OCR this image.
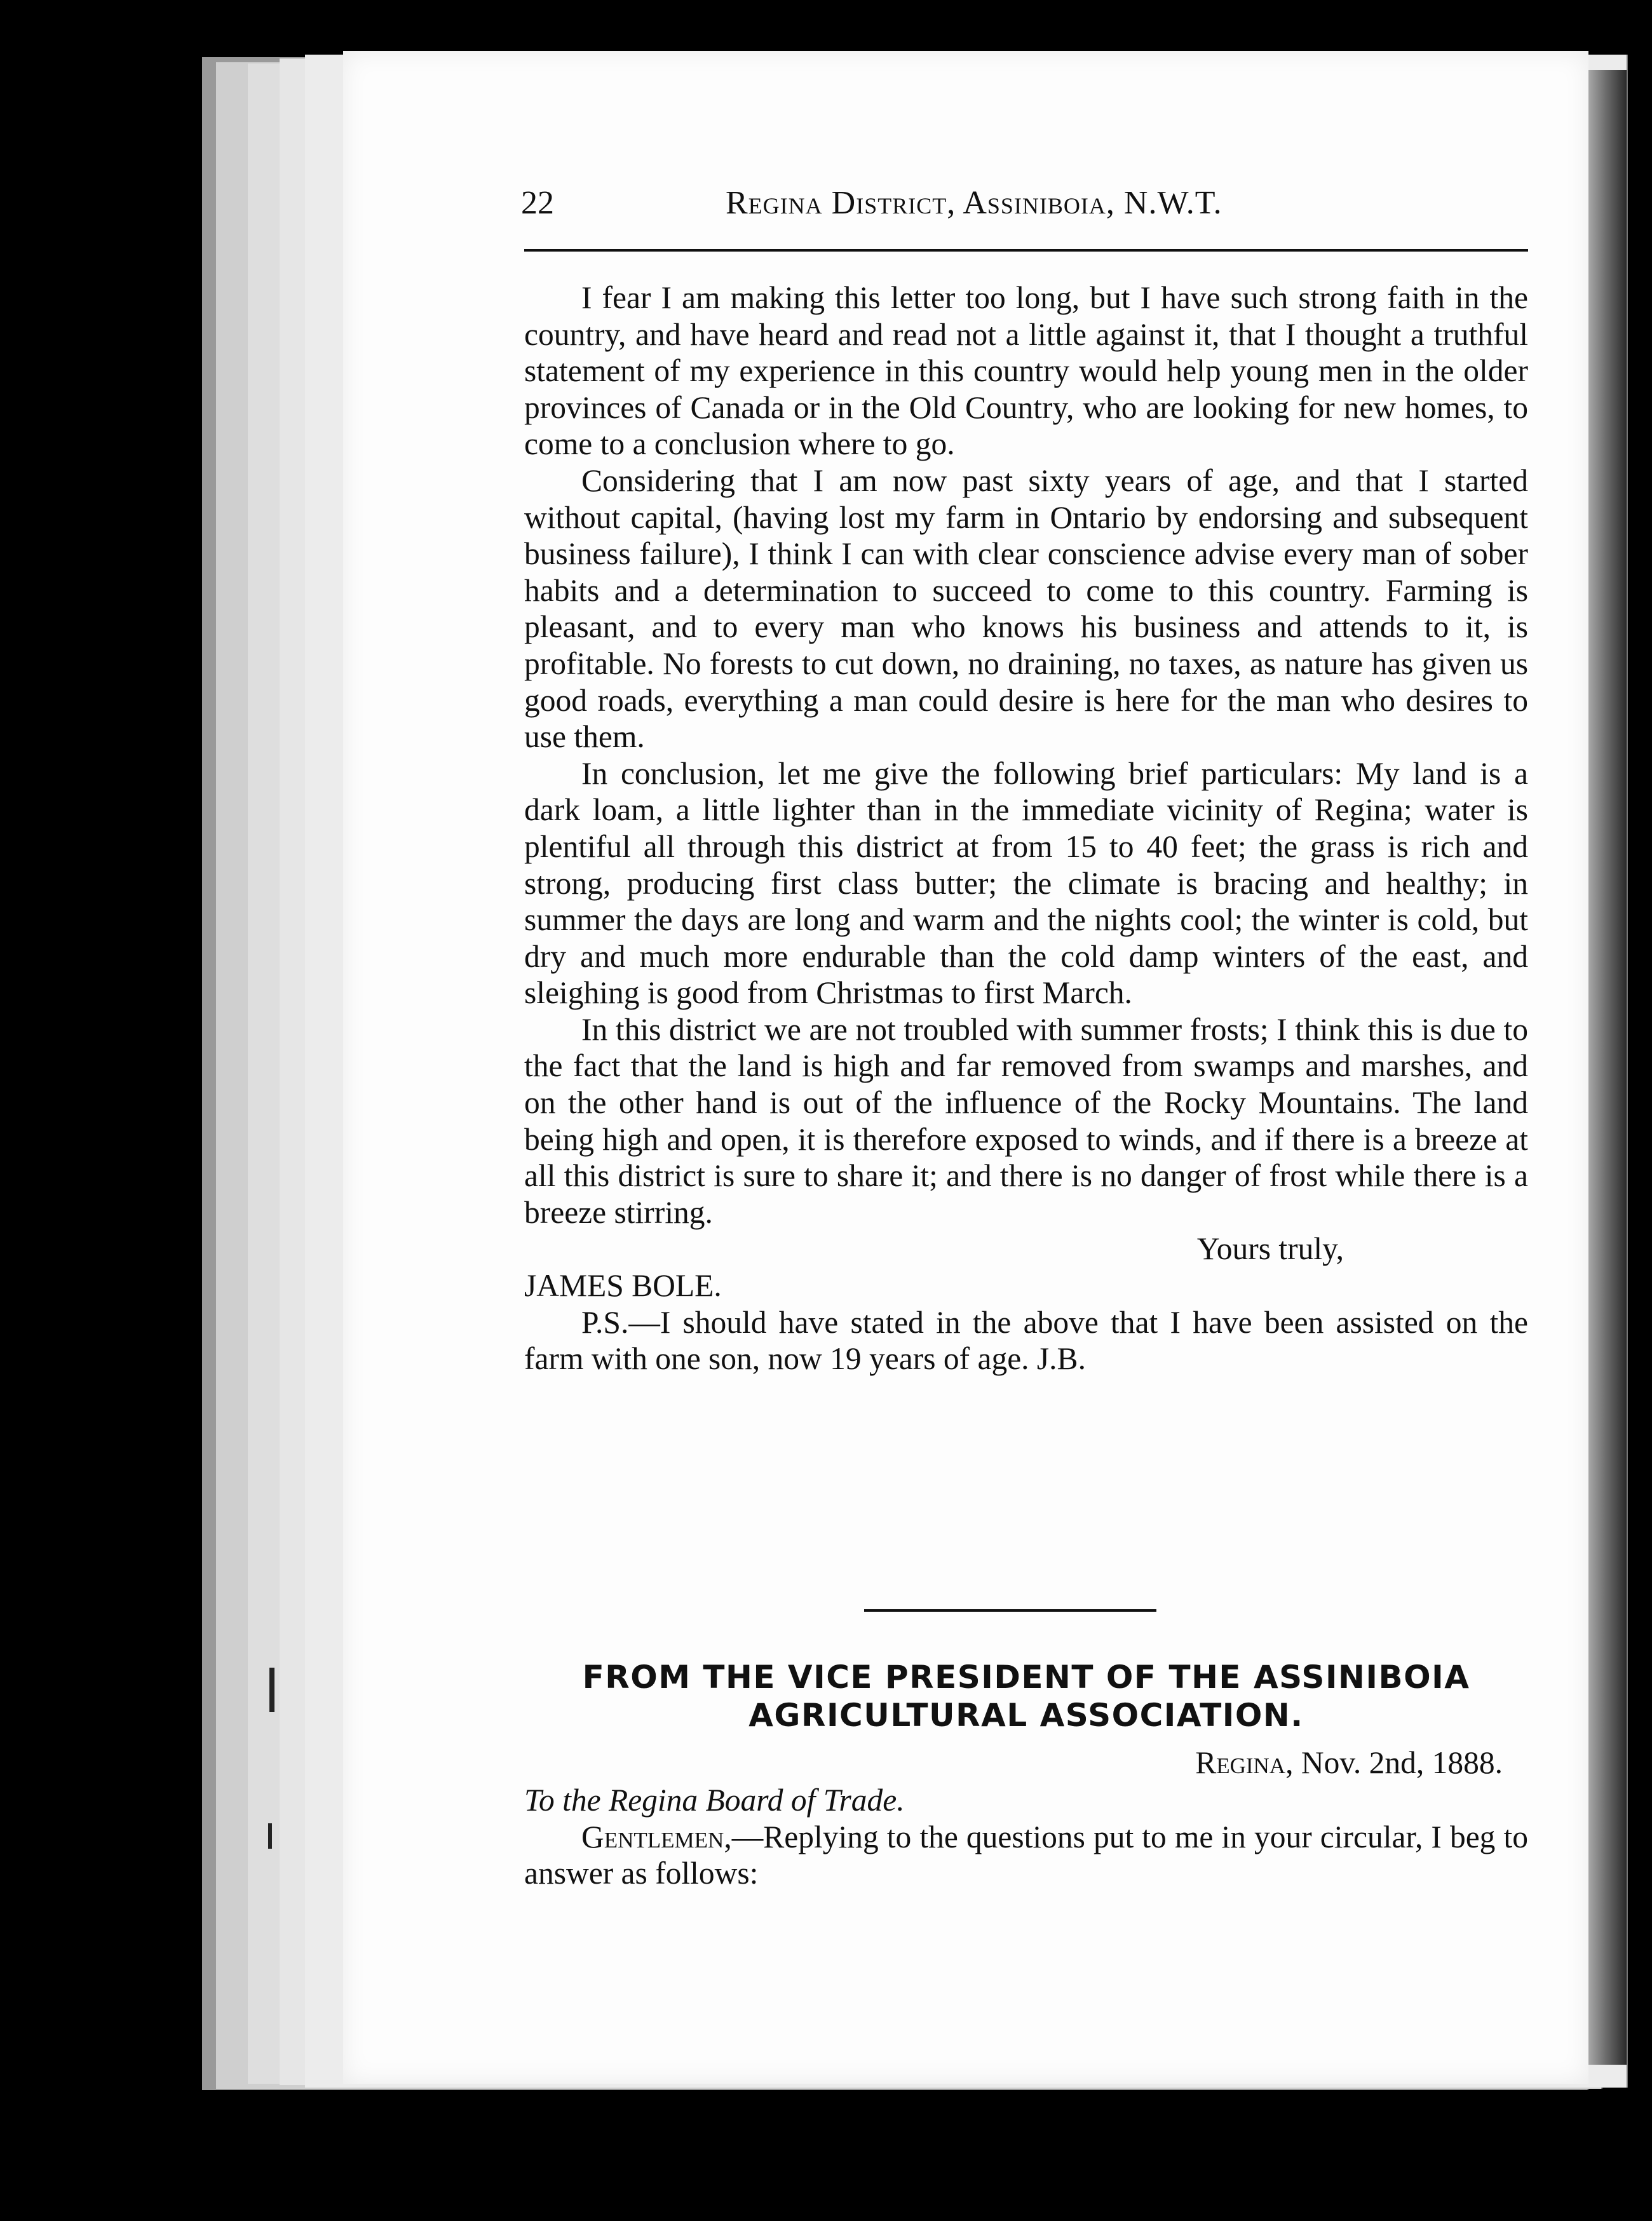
22	Regina District, Assiniboia, N.W.T.

I fear I am making this letter too long, but I have such strong faith in the country, and have heard and read not a little against it, that I thought a truthful statement of my experience in this country would help young men in the older provinces of Canada or in the Old Country, who are looking for new homes, to come to a conclusion where to go.

Considering that I am now past sixty years of age, and that I started without capital, (having lost my farm in Ontario by endorsing and subsequent business failure), I think I can with clear conscience advise every man of sober habits and a determination to succeed to come to this country. Farming is pleasant, and to every man who knows his business and attends to it, is profitable. No forests to cut down, no draining, no taxes, as nature has given us good roads, everything a man could desire is here for the man who desires to use them.

In conclusion, let me give the following brief particulars: My land is a dark loam, a little lighter than in the immediate vicinity of Regina; water is plentiful all through this district at from 15 to 40 feet; the grass is rich and strong, producing first class butter; the climate is bracing and healthy; in summer the days are long and warm and the nights cool; the winter is cold, but dry and much more endurable than the cold damp winters of the east, and sleighing is good from Christmas to first March.

In this district we are not troubled with summer frosts; I think this is due to the fact that the land is high and far removed from swamps and marshes, and on the other hand is out of the influence of the Rocky Mountains. The land being high and open, it is therefore exposed to winds, and if there is a breeze at all this district is sure to share it; and there is no danger of frost while there is a breeze stirring.

Yours truly,
JAMES BOLE.

P.S.—I should have stated in the above that I have been assisted on the farm with one son, now 19 years of age. J.B.

FROM THE VICE PRESIDENT OF THE ASSINIBOIA
AGRICULTURAL ASSOCIATION.
Regina, Nov. 2nd, 1888.
To the Regina Board of Trade.

Gentlemen,—Replying to the questions put to me in your circular, I beg to answer as follows:
